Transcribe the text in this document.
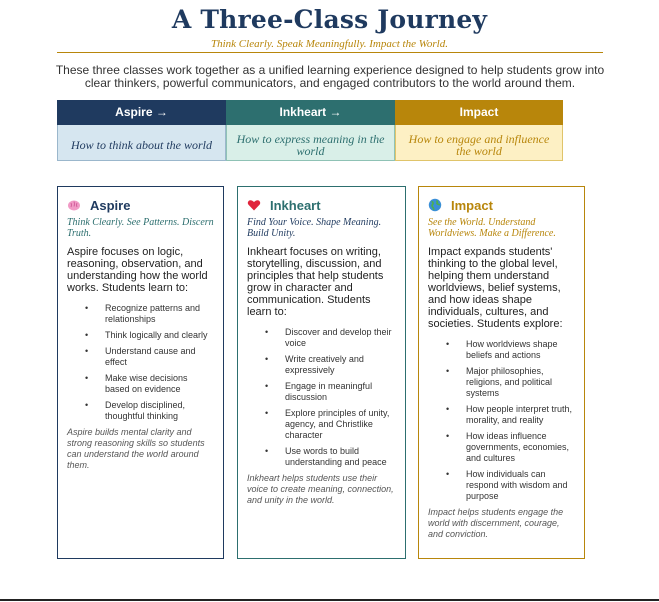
A Three-Class Journey
Think Clearly. Speak Meaningfully. Impact the World.
These three classes work together as a unified learning experience designed to help students grow into clear thinkers, powerful communicators, and engaged contributors to the world around them.
Aspire →
How to think about the world
Inkheart →
How to express meaning in the world
Impact
How to engage and influence the world
Aspire
Think Clearly. See Patterns. Discern Truth.
Aspire focuses on logic, reasoning, observation, and understanding how the world works. Students learn to:
• Recognize patterns and relationships
• Think logically and clearly
• Understand cause and effect
• Make wise decisions based on evidence
• Develop disciplined, thoughtful thinking
Aspire builds mental clarity and strong reasoning skills so students can understand the world around them.
Inkheart
Find Your Voice. Shape Meaning. Build Unity.
Inkheart focuses on writing, storytelling, discussion, and principles that help students grow in character and communication. Students learn to:
• Discover and develop their voice
• Write creatively and expressively
• Engage in meaningful discussion
• Explore principles of unity, agency, and Christlike character
• Use words to build understanding and peace
Inkheart helps students use their voice to create meaning, connection, and unity in the world.
Impact
See the World. Understand Worldviews. Make a Difference.
Impact expands students' thinking to the global level, helping them understand worldviews, belief systems, and how ideas shape individuals, cultures, and societies. Students explore:
• How worldviews shape beliefs and actions
• Major philosophies, religions, and political systems
• How people interpret truth, morality, and reality
• How ideas influence governments, economies, and cultures
• How individuals can respond with wisdom and purpose
Impact helps students engage the world with discernment, courage, and conviction.
